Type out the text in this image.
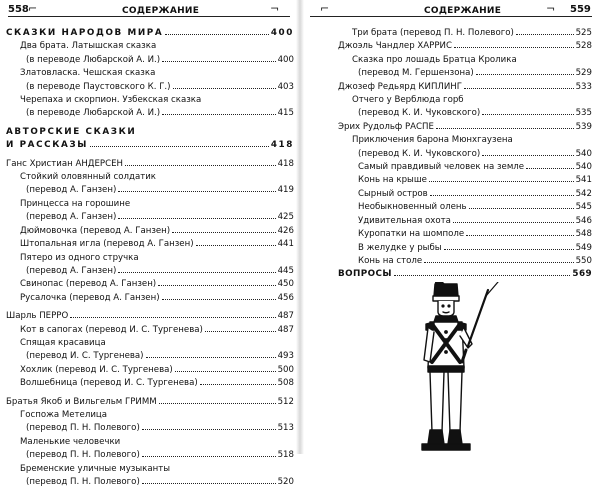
558	СОДЕРЖАНИЕ
⌐	¬
СКАЗКИ НАРОДОВ МИРА	400
Два брата. Латышская сказка
(в переводе Любарской А. И.)	400
Златовласка. Чешская сказка
(в переводе Паустовского К. Г.)	403
Черепаха и скорпион. Узбекская сказка
(в переводе Любарской А. И.)	415
АВТОРСКИЕ СКАЗКИ
И РАССКАЗЫ	418
Ганс Христиан АНДЕРСЕН	418
Стойкий оловянный солдатик
(перевод А. Ганзен)	419
Принцесса на горошине
(перевод А. Ганзен)	425
Дюймовочка (перевод А. Ганзен)	426
Штопальная игла (перевод А. Ганзен)	441
Пятеро из одного стручка
(перевод А. Ганзен)	445
Свинопас (перевод А. Ганзен)	450
Русалочка (перевод А. Ганзен)	456
Шарль ПЕРРО	487
Кот в сапогах (перевод И. С. Тургенева)	487
Спящая красавица
(перевод И. С. Тургенева)	493
Хохлик (перевод И. С. Тургенева)	500
Волшебница (перевод И. С. Тургенева)	508
Братья Якоб и Вильгельм ГРИММ	512
Госпожа Метелица
(перевод П. Н. Полевого)	513
Маленькие человечки
(перевод П. Н. Полевого)	518
Бременские уличные музыканты
(перевод П. Н. Полевого)	520
СОДЕРЖАНИЕ	559
⌐	¬
Три брата (перевод П. Н. Полевого)	525
Джоэль Чандлер ХАРРИС	528
Сказка про лошадь Братца Кролика
(перевод М. Гершензона)	529
Джозеф Редьярд КИПЛИНГ	533
Отчего у Верблюда горб
(перевод К. И. Чуковского)	535
Эрих Рудольф РАСПЕ	539
Приключения барона Мюнхгаузена
(перевод К. И. Чуковского)	540
Самый правдивый человек на земле	540
Конь на крыше	541
Сырный остров	542
Необыкновенный олень	545
Удивительная охота	546
Куропатки на шомполе	548
В желудке у рыбы	549
Конь на столе	550
ВОПРОСЫ	569
